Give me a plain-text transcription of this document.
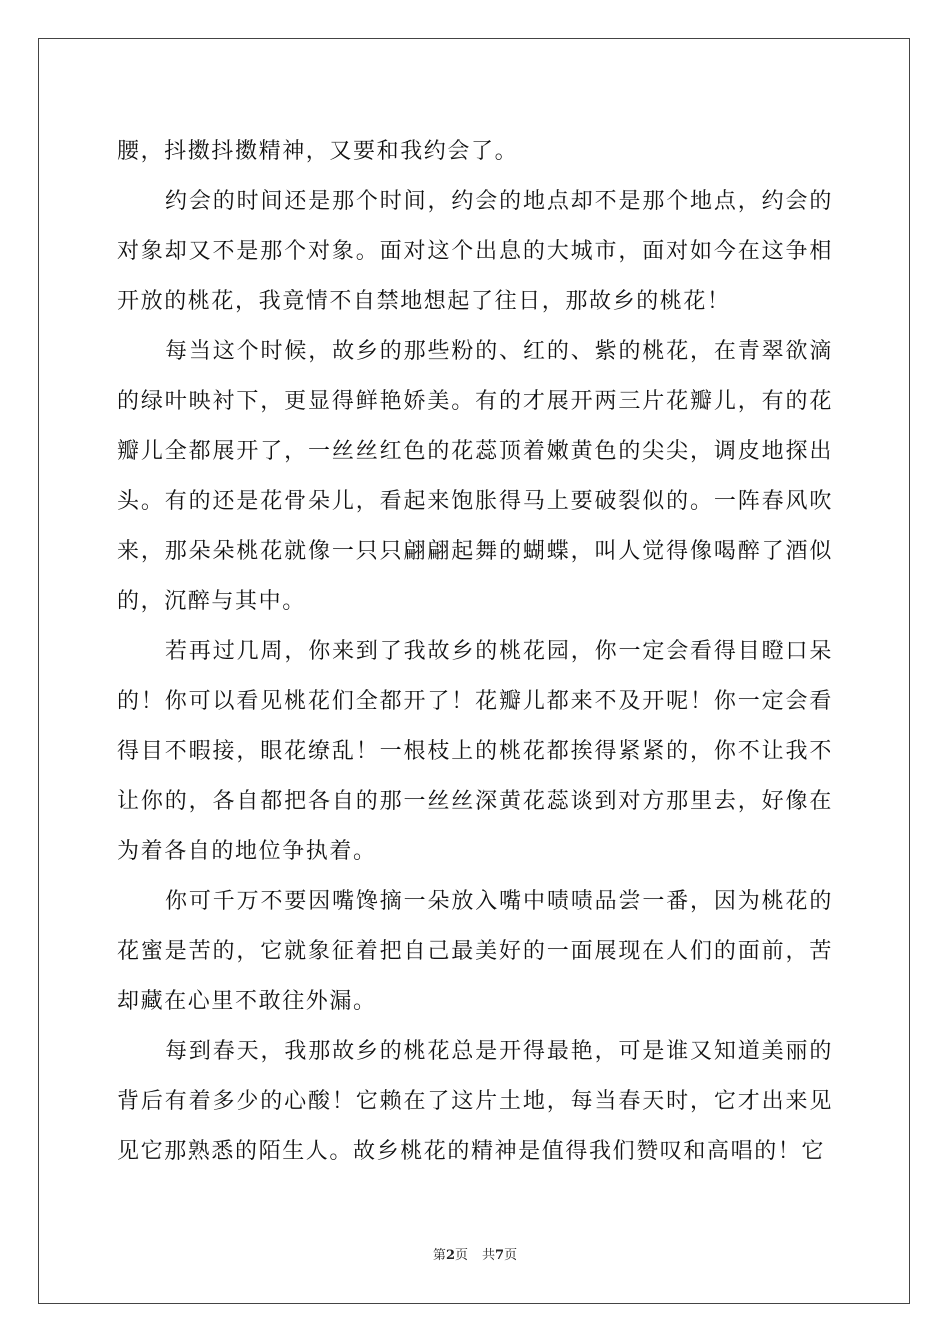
腰，抖擞抖擞精神，又要和我约会了。

约会的时间还是那个时间，约会的地点却不是那个地点，约会的对象却又不是那个对象。面对这个出息的大城市，面对如今在这争相开放的桃花，我竟情不自禁地想起了往日，那故乡的桃花！

每当这个时候，故乡的那些粉的、红的、紫的桃花，在青翠欲滴的绿叶映衬下，更显得鲜艳娇美。有的才展开两三片花瓣儿，有的花瓣儿全都展开了，一丝丝红色的花蕊顶着嫩黄色的尖尖，调皮地探出头。有的还是花骨朵儿，看起来饱胀得马上要破裂似的。一阵春风吹来，那朵朵桃花就像一只只翩翩起舞的蝴蝶，叫人觉得像喝醉了酒似的，沉醉与其中。

若再过几周，你来到了我故乡的桃花园，你一定会看得目瞪口呆的！你可以看见桃花们全都开了！花瓣儿都来不及开呢！你一定会看得目不暇接，眼花缭乱！一根枝上的桃花都挨得紧紧的，你不让我不让你的，各自都把各自的那一丝丝深黄花蕊谈到对方那里去，好像在为着各自的地位争执着。

你可千万不要因嘴馋摘一朵放入嘴中啧啧品尝一番，因为桃花的花蜜是苦的，它就象征着把自己最美好的一面展现在人们的面前，苦却藏在心里不敢往外漏。

每到春天，我那故乡的桃花总是开得最艳，可是谁又知道美丽的背后有着多少的心酸！它赖在了这片土地，每当春天时，它才出来见见它那熟悉的陌生人。故乡桃花的精神是值得我们赞叹和高唱的！它

第2页 共7页
